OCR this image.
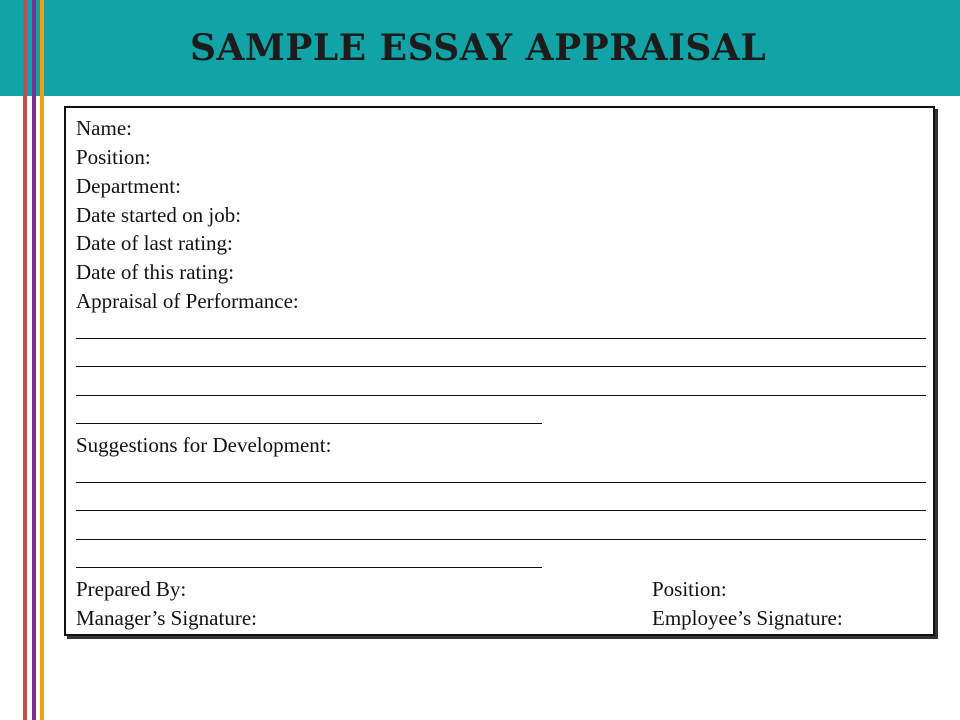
SAMPLE ESSAY APPRAISAL
Name:
Position:
Department:
Date started on job:
Date of last rating:
Date of this rating:
Appraisal of Performance:
Suggestions for Development:
Prepared By:	Position:
Manager’s Signature:	Employee’s Signature:
